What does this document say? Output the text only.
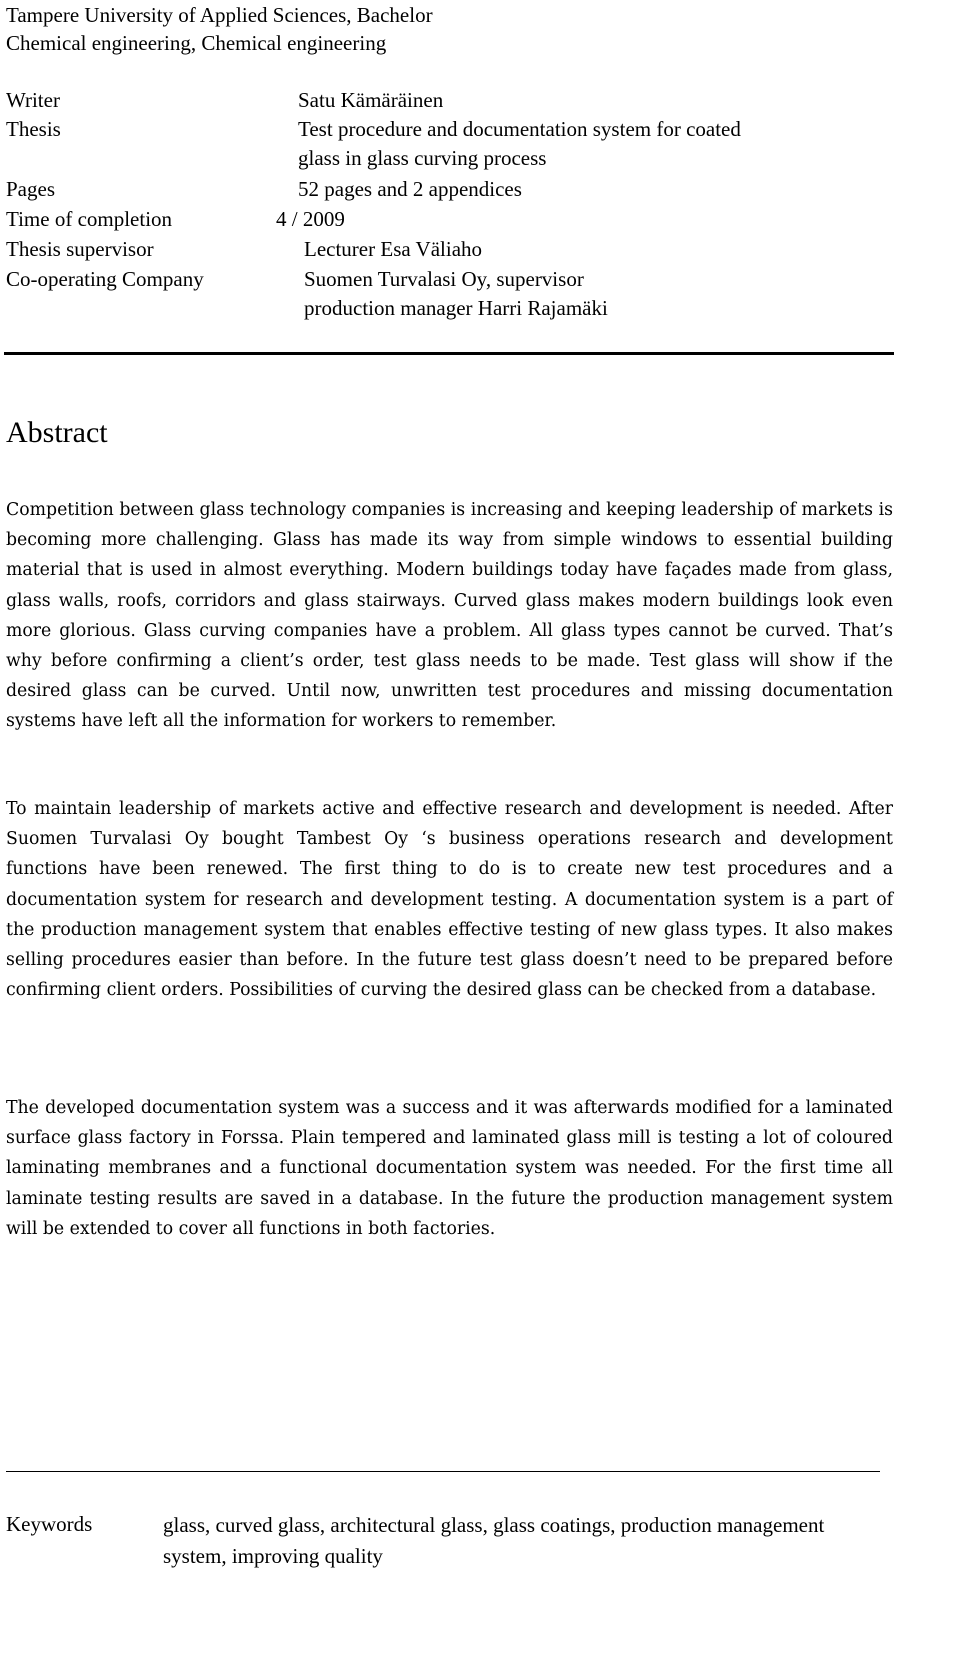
Tampere University of Applied Sciences, Bachelor
Chemical engineering, Chemical engineering
Writer	Satu Kämäräinen
Thesis	Test procedure and documentation system for coated
glass in glass curving process
Pages	52 pages and 2 appendices
Time of completion	4 / 2009
Thesis supervisor	Lecturer Esa Väliaho
Co-operating Company	Suomen Turvalasi Oy, supervisor
production manager Harri Rajamäki
Abstract

Competition between glass technology companies is increasing and keeping leadership of markets is becoming more challenging. Glass has made its way from simple windows to essential building material that is used in almost everything. Modern buildings today have façades made from glass, glass walls, roofs, corridors and glass stairways. Curved glass makes modern buildings look even more glorious. Glass curving companies have a problem. All glass types cannot be curved. That’s why before confirming a client’s order, test glass needs to be made. Test glass will show if the desired glass can be curved. Until now, unwritten test procedures and missing documentation systems have left all the information for workers to remember.

To maintain leadership of markets active and effective research and development is needed. After Suomen Turvalasi Oy bought Tambest Oy ‘s business operations research and development functions have been renewed. The first thing to do is to create new test procedures and a documentation system for research and development testing. A documentation system is a part of the production management system that enables effective testing of new glass types. It also makes selling procedures easier than before. In the future test glass doesn’t need to be prepared before confirming client orders. Possibilities of curving the desired glass can be checked from a database.

The developed documentation system was a success and it was afterwards modified for a laminated surface glass factory in Forssa. Plain tempered and laminated glass mill is testing a lot of coloured laminating membranes and a functional documentation system was needed. For the first time all laminate testing results are saved in a database. In the future the production management system will be extended to cover all functions in both factories.

Keywords	glass, curved glass, architectural glass, glass coatings, production management system, improving quality
